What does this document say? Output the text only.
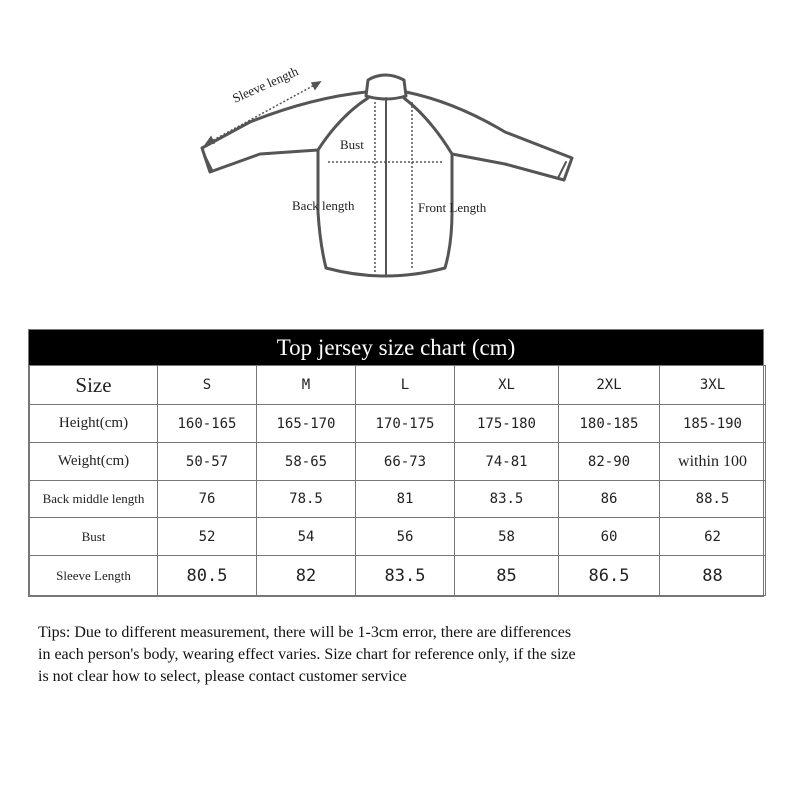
Sleeve length
Bust
Back length	Front Length
Top jersey size chart (cm)
Size	S	M	L	XL	2XL	3XL
Height(cm)	160-165	165-170	170-175	175-180	180-185	185-190
Weight(cm)	50-57	58-65	66-73	74-81	82-90	within 100
Back middle length	76	78.5	81	83.5	86	88.5
Bust	52	54	56	58	60	62
Sleeve Length	80.5	82	83.5	85	86.5	88
Tips: Due to different measurement, there will be 1-3cm error, there are differences
in each person's body, wearing effect varies. Size chart for reference only, if the size
is not clear how to select, please contact customer service
